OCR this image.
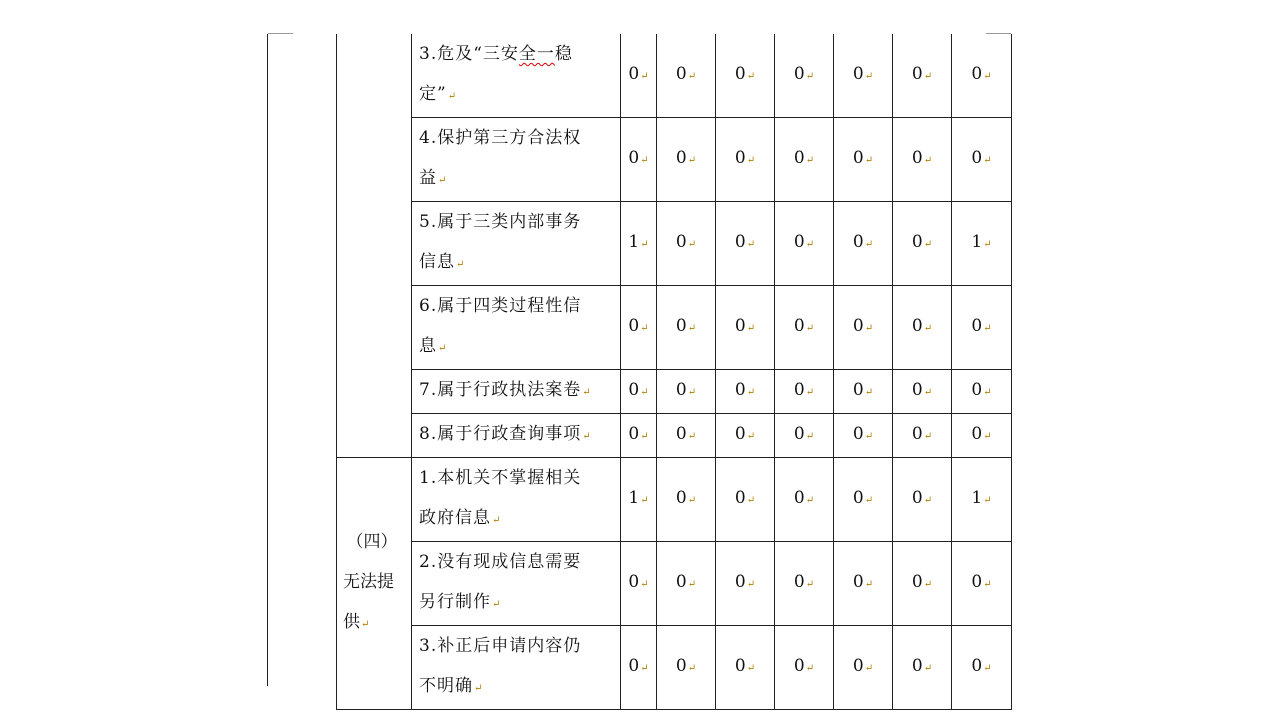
	3.危及“三安全一稳
定”↵	0↵	0↵	0↵	0↵	0↵	0↵	0↵

	4.保护第三方合法权
益↵	0↵	0↵	0↵	0↵	0↵	0↵	0↵

	5.属于三类内部事务
信息↵	1↵	0↵	0↵	0↵	0↵	0↵	1↵

	6.属于四类过程性信
息↵	0↵	0↵	0↵	0↵	0↵	0↵	0↵

	7.属于行政执法案卷↵	0↵	0↵	0↵	0↵	0↵	0↵	0↵

	8.属于行政查询事项↵	0↵	0↵	0↵	0↵	0↵	0↵	0↵

（四）
无法提
供↵	1.本机关不掌握相关
政府信息↵	1↵	0↵	0↵	0↵	0↵	0↵	1↵

	2.没有现成信息需要
另行制作↵	0↵	0↵	0↵	0↵	0↵	0↵	0↵

	3.补正后申请内容仍
不明确↵	0↵	0↵	0↵	0↵	0↵	0↵	0↵
